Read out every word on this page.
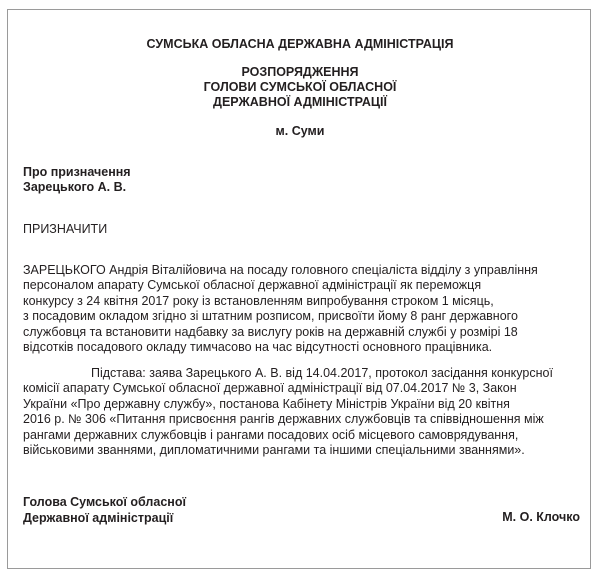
СУМСЬКА ОБЛАСНА ДЕРЖАВНА АДМІНІСТРАЦІЯ
РОЗПОРЯДЖЕННЯ
ГОЛОВИ СУМСЬКОЇ ОБЛАСНОЇ
ДЕРЖАВНОЇ АДМІНІСТРАЦІЇ
м. Суми
Про призначення
Зарецького А. В.
ПРИЗНАЧИТИ
ЗАРЕЦЬКОГО Андрія Віталійовича на посаду головного спеціаліста відділу з управління
персоналом апарату Сумської обласної державної адміністрації як переможця
конкурсу з 24 квітня 2017 року із встановленням випробування строком 1 місяць,
з посадовим окладом згідно зі штатним розписом, присвоїти йому 8 ранг державного
службовця та встановити надбавку за вислугу років на державній службі у розмірі 18
відсотків посадового окладу тимчасово на час відсутності основного працівника.
Підстава: заява Зарецького А. В. від 14.04.2017, протокол засідання конкурсної
комісії апарату Сумської обласної державної адміністрації від 07.04.2017 № 3, Закон
України «Про державну службу», постанова Кабінету Міністрів України від 20 квітня
2016 р. № 306 «Питання присвоєння рангів державних службовців та співвідношення між
рангами державних службовців і рангами посадових осіб місцевого самоврядування,
військовими званнями, дипломатичними рангами та іншими спеціальними званнями».
Голова Сумської обласної
Державної адміністрації	М. О. Клочко
